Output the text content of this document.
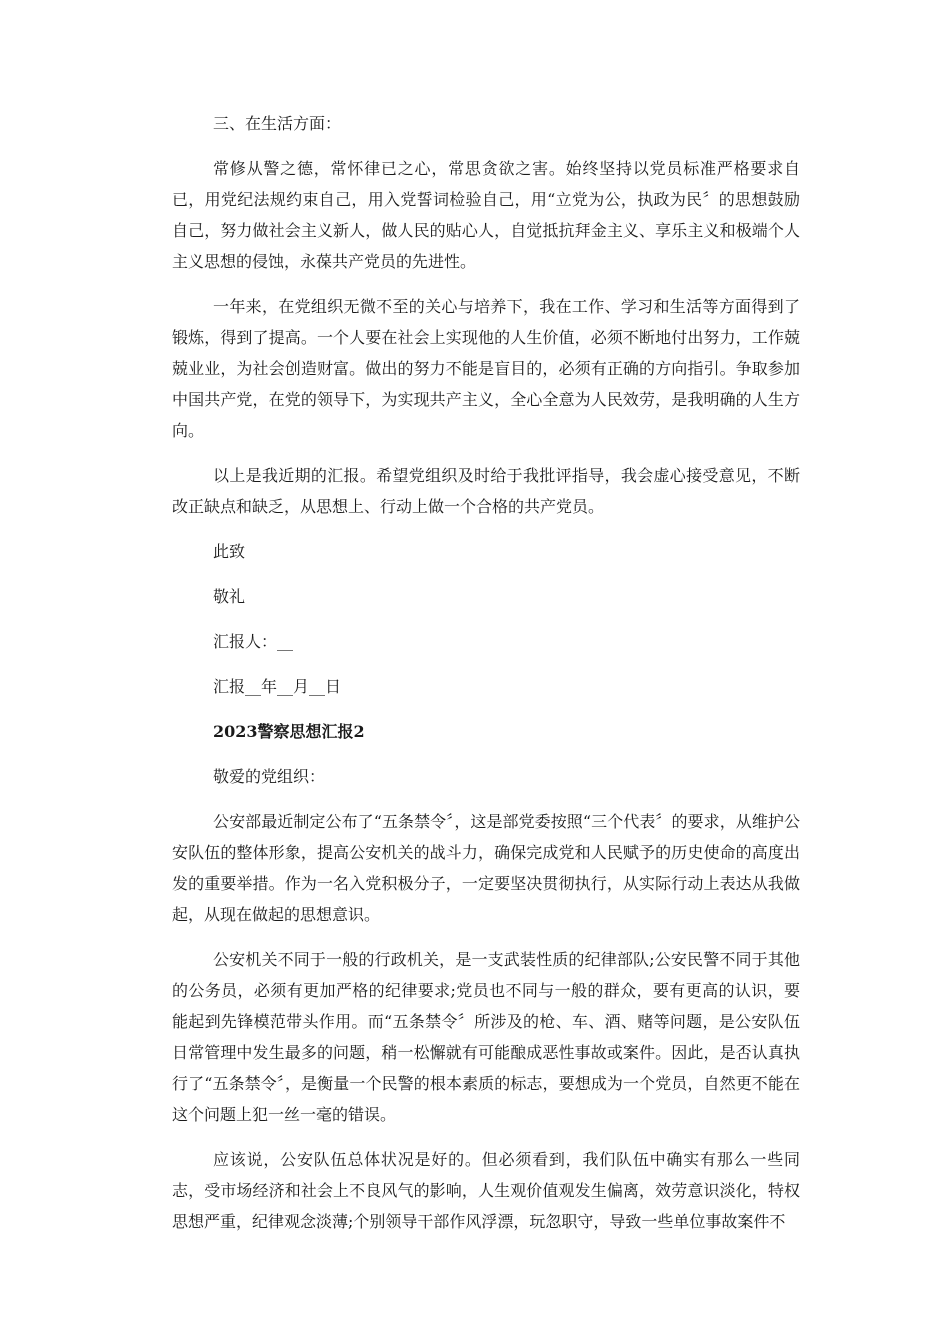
三、在生活方面：

常修从警之德，常怀律已之心，常思贪欲之害。始终坚持以党员标准严格要求自已，用党纪法规约束自己，用入党誓词检验自己，用“立党为公，执政为民〞的思想鼓励自己，努力做社会主义新人，做人民的贴心人，自觉抵抗拜金主义、享乐主义和极端个人主义思想的侵蚀，永葆共产党员的先进性。

一年来，在党组织无微不至的关心与培养下，我在工作、学习和生活等方面得到了锻炼，得到了提高。一个人要在社会上实现他的人生价值，必须不断地付出努力，工作兢兢业业，为社会创造财富。做出的努力不能是盲目的，必须有正确的方向指引。争取参加中国共产党，在党的领导下，为实现共产主义，全心全意为人民效劳，是我明确的人生方向。

以上是我近期的汇报。希望党组织及时给于我批评指导，我会虚心接受意见，不断改正缺点和缺乏，从思想上、行动上做一个合格的共产党员。

此致

敬礼

汇报人：__

汇报__年__月__日

2023警察思想汇报2

敬爱的党组织：

公安部最近制定公布了“五条禁令〞，这是部党委按照“三个代表〞的要求，从维护公安队伍的整体形象，提高公安机关的战斗力，确保完成党和人民赋予的历史使命的高度出发的重要举措。作为一名入党积极分子，一定要坚决贯彻执行，从实际行动上表达从我做起，从现在做起的思想意识。

公安机关不同于一般的行政机关，是一支武装性质的纪律部队;公安民警不同于其他的公务员，必须有更加严格的纪律要求;党员也不同与一般的群众，要有更高的认识，要能起到先锋模范带头作用。而“五条禁令〞所涉及的枪、车、酒、赌等问题，是公安队伍日常管理中发生最多的问题，稍一松懈就有可能酿成恶性事故或案件。因此，是否认真执行了“五条禁令〞，是衡量一个民警的根本素质的标志，要想成为一个党员，自然更不能在这个问题上犯一丝一毫的错误。

应该说，公安队伍总体状况是好的。但必须看到，我们队伍中确实有那么一些同志，受市场经济和社会上不良风气的影响，人生观价值观发生偏离，效劳意识淡化，特权思想严重，纪律观念淡薄;个别领导干部作风浮漂，玩忽职守，导致一些单位事故案件不
